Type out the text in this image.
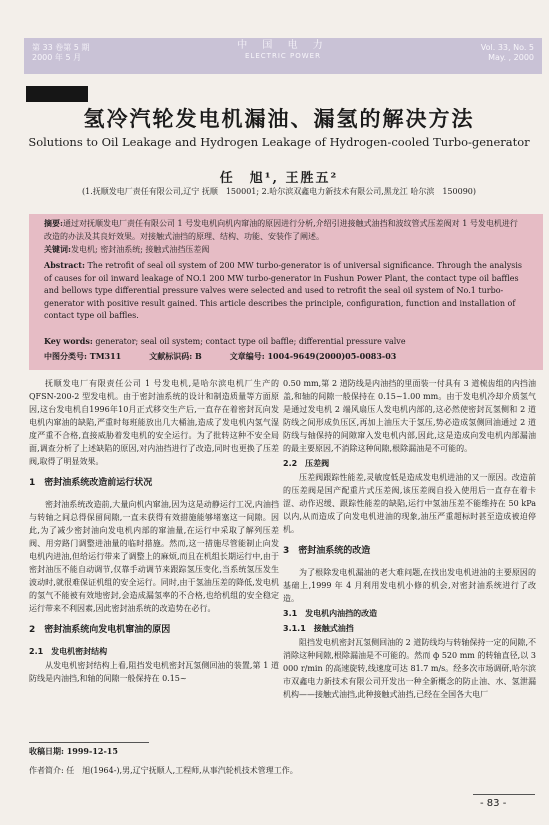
第 33 卷第 5 期
2000 年 5 月
中 国 电 力
ELECTRIC POWER
Vol. 33, No. 5
May. , 2000
氢冷汽轮发电机漏油、漏氢的解决方法
Solutions to Oil Leakage and Hydrogen Leakage of Hydrogen-cooled Turbo-generator
任　旭¹, 王胜五²
(1.抚顺发电厂责任有限公司,辽宁 抚顺　150001; 2.哈尔滨双鑫电力新技术有限公司,黑龙江 哈尔滨　150090)
摘要:通过对抚顺发电厂责任有限公司 1 号发电机向机内窜油的原因进行分析,介绍引进接触式油挡和波纹管式压差阀对 1 号发电机进行改造的办法及其良好效果。对接触式油挡的原理、结构、功能、安装作了阐述。
关键词:发电机; 密封油系统; 接触式油挡压差阀
Abstract: The retrofit of seal oil system of 200 MW turbo-generator is of universal significance. Through the analysis of causes for oil inward leakage of NO.1 200 MW turbo-generator in Fushun Power Plant, the contact type oil baffles and bellows type differential pressure valves were selected and used to retrofit the seal oil system of No.1 turbo-generator with positive result gained. This article describes the principle, configuration, function and installation of contact type oil baffles.
Key words: generator; seal oil system; contact type oil baffle; differential pressure valve
中图分类号: TM311	文献标识码: B	文章编号: 1004-9649(2000)05-0083-03

抚顺发电厂有限责任公司 1 号发电机,是哈尔滨电机厂生产的 QFSN-200-2 型发电机。由于密封油系统的设计和制造质量等方面原因,这台发电机自1996年10月正式移交生产后,一直存在着密封瓦向发电机内窜油的缺陷,严重时每班能放出几大桶油,造成了发电机内氢气湿度严重不合格,直接威胁着发电机的安全运行。为了批转这种不安全局面,调查分析了上述缺陷的原因,对内油挡进行了改造,同时也更换了压差阀,取得了明显效果。

1　密封油系统改造前运行状况

密封油系统改造前,大量向机内窜油,因为这是动静运行工况,内油挡与转轴之间总得保留间隙,一直未获得有效措施能够堵塞这一间隙。因此,为了减少密封油向发电机内部的窜油量,在运行中采取了解列压差阀、用旁路门调整进油量的临时措施。然而,这一措施尽管能制止向发电机内进油,但给运行带来了调整上的麻烦,而且在机组长期运行中,由于密封油压不能自动调节,仅靠手动调节来跟踪氢压变化,当系统氢压发生波动时,就很难保证机组的安全运行。同时,由于氢油压差的降低,发电机的氢气不能被有效地密封,会造成漏氢率的不合格,也给机组的安全稳定运行带来不利因素,因此密封油系统的改造势在必行。

2　密封油系统向发电机窜油的原因
2.1　发电机密封结构

从发电机密封结构上看,阻挡发电机密封瓦氢侧回油的装置,第 1 道防线是内油挡,和轴的间隙一般保持在 0.15~

0.50 mm,第 2 道防线是内油挡的里面装一付具有 3 道梳齿组的内挡油盖,和轴的间隙一般保持在 0.15~1.00 mm。由于发电机冷却介质氢气是通过发电机 2 端风扇压人发电机内部的,这必然使密封瓦氢侧和 2 道防线之间形成负压区,再加上油压大于氢压,势必造成氢侧回油通过 2 道防线与轴保持的间隙窜入发电机内部,因此,这是造成向发电机内部漏油的最主要原因,不消除这种间隙,根除漏油是不可能的。

2.2　压差阀

压差阀跟踪性能差,灵敏度低是造成发电机进油的又一原因。改造前的压差阀是国产配重片式压差阀,该压差阀自投入使用后一直存在着卡涩、动作迟缓、跟踪性能差的缺陷,运行中氢油压差不能维持在 50 kPa 以内,从而造成了向发电机进油的现象,油压严重超标时甚至造成被迫停机。

3　密封油系统的改造

为了根除发电机漏油的老大难问题,在找出发电机进油的主要原因的基础上,1999 年 4 月利用发电机小修的机会,对密封油系统进行了改造。

3.1　发电机内油挡的改造
3.1.1　接触式油挡

阻挡发电机密封瓦氢侧回油的 2 道防线均与转轴保持一定的间隙,不消除这种间隙,根除漏油是不可能的。然而 ф 520 mm 的转轴直径,以 3 000 r/min 的高速旋转,线速度可达 81.7 m/s。经多次市场调研,哈尔滨市双鑫电力新技术有限公司开发出一种全新概念的防止油、水、氢泄漏机构——接触式油挡,此种接触式油挡,已经在全国各大电厂

收稿日期: 1999-12-15
作者简介: 任　旭(1964-),男,辽宁抚顺人,工程师,从事汽轮机技术管理工作。
- 83 -
